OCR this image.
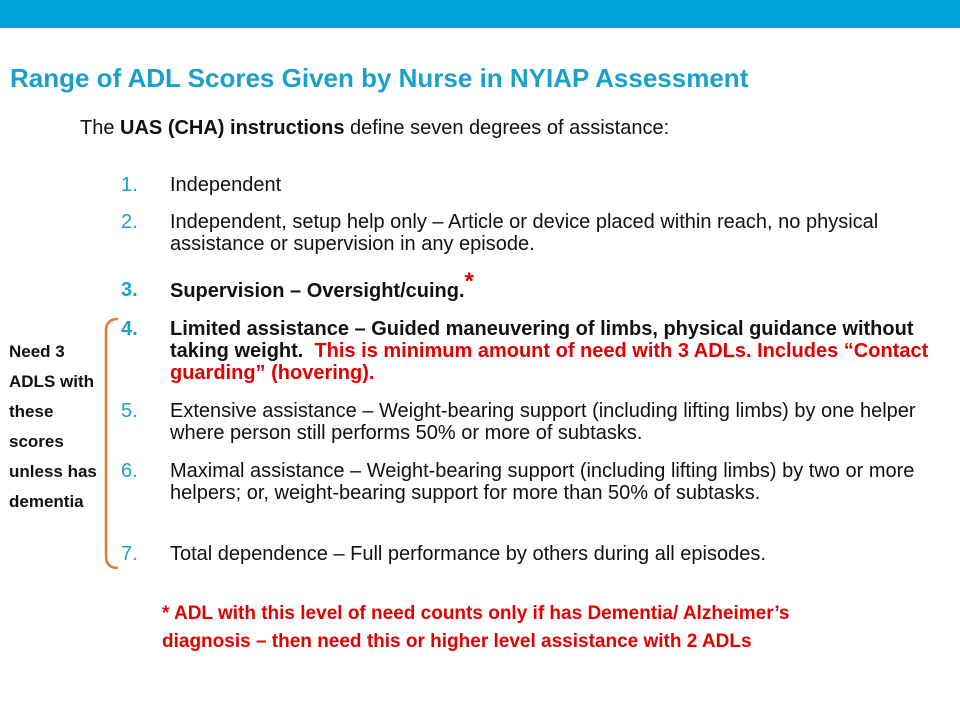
Range of ADL Scores Given by Nurse in NYIAP Assessment
The UAS (CHA) instructions define seven degrees of assistance:
1. Independent
2. Independent, setup help only – Article or device placed within reach, no physical assistance or supervision in any episode.
3. Supervision – Oversight/cuing.*
4. Limited assistance – Guided maneuvering of limbs, physical guidance without taking weight. This is minimum amount of need with 3 ADLs. Includes “Contact guarding” (hovering).
5. Extensive assistance – Weight-bearing support (including lifting limbs) by one helper where person still performs 50% or more of subtasks.
6. Maximal assistance – Weight-bearing support (including lifting limbs) by two or more helpers; or, weight-bearing support for more than 50% of subtasks.
7. Total dependence – Full performance by others during all episodes.
Need 3 ADLS with these scores unless has dementia
* ADL with this level of need counts only if has Dementia/ Alzheimer’s diagnosis – then need this or higher level assistance with 2 ADLs
